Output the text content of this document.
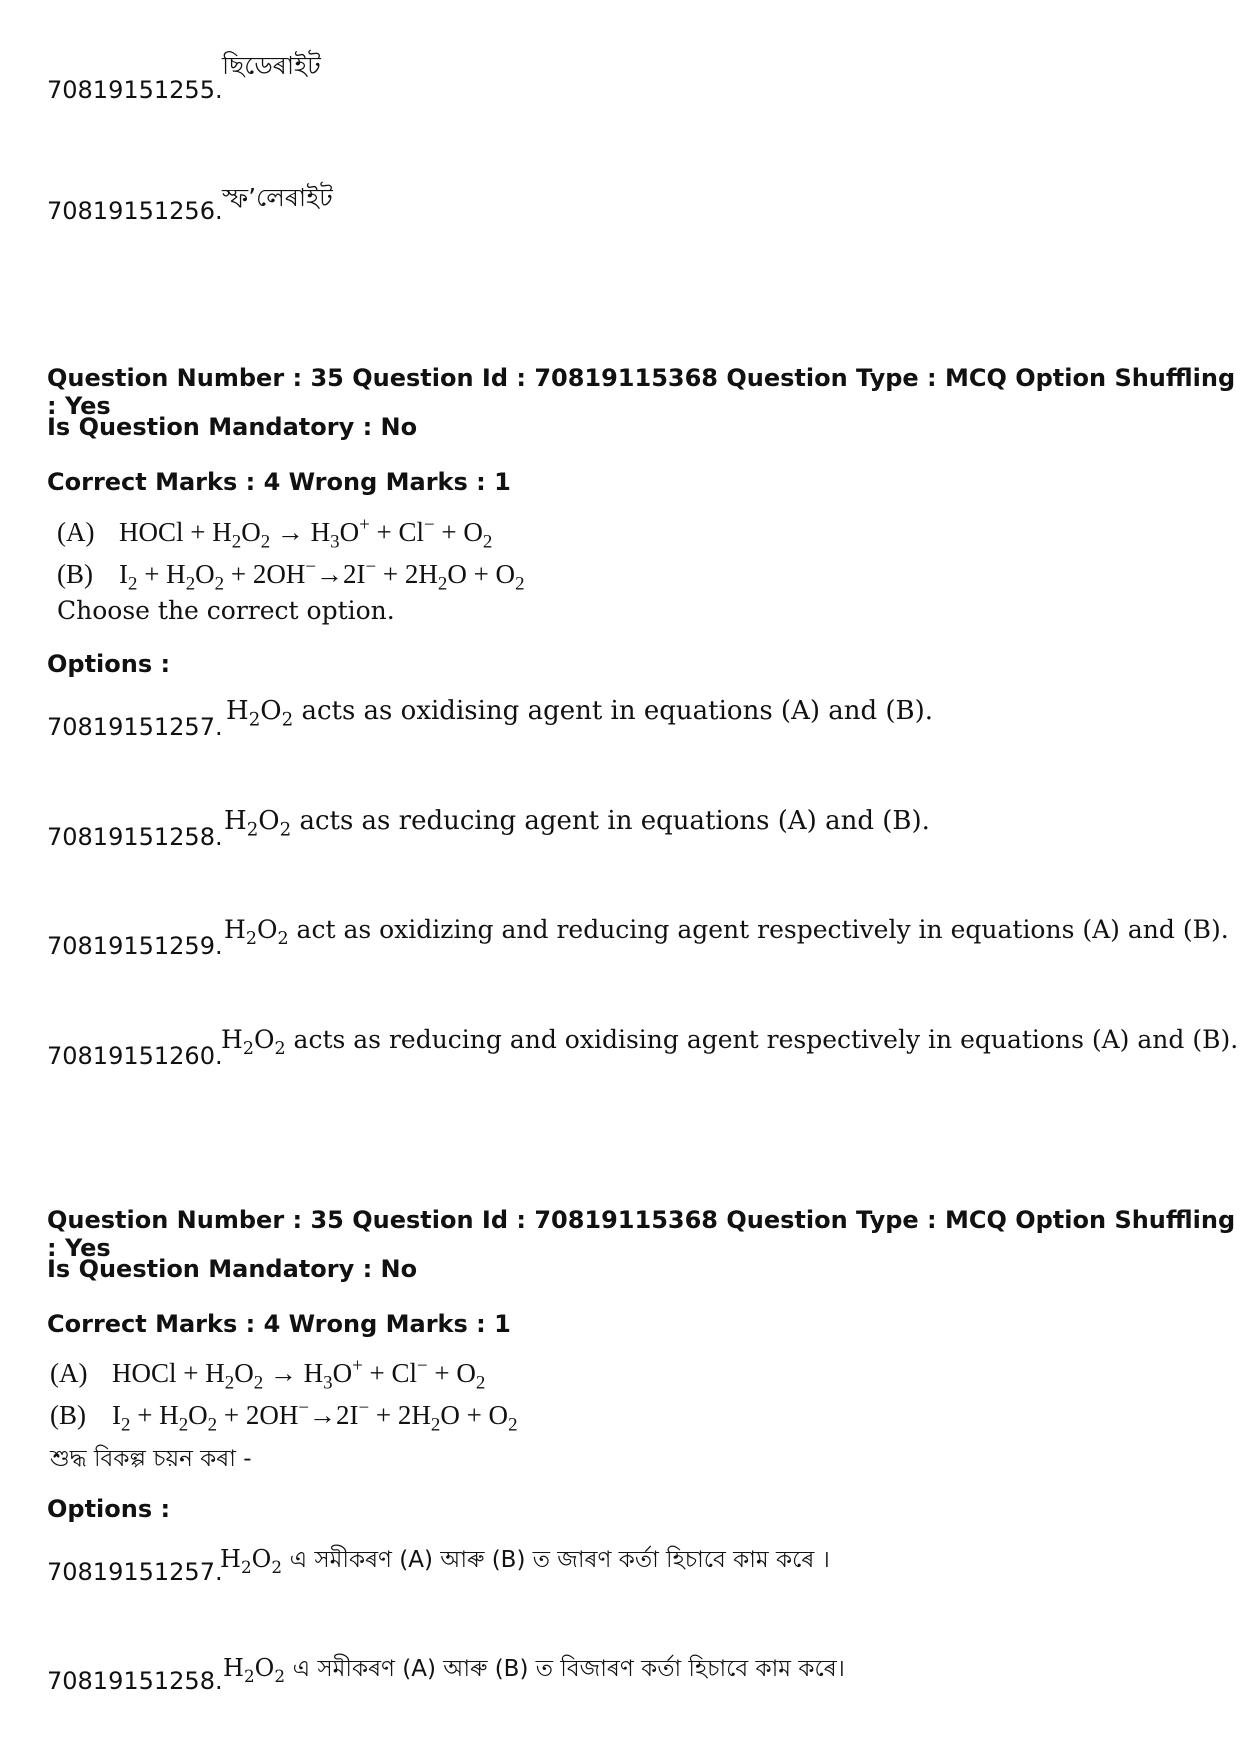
70819151255.
ছিডেৰাইট
70819151256. স্ফ’লেৰাইট
Question Number : 35 Question Id : 70819115368 Question Type : MCQ Option Shuffling : Yes
Is Question Mandatory : No
Correct Marks : 4 Wrong Marks : 1
(A) HOCl + $H_2O_2 \to H_3O^+ + Cl^- + O_2$
(B) $I_2 + H_2O_2 + 2OH^-\to 2I^- + 2H_2O + O_2$
Choose the correct option.
Options :
70819151257.
$H_2O_2$ acts as oxidising agent in equations (A) and (B).
70819151258.
$H_2O_2$ acts as reducing agent in equations (A) and (B).
70819151259.
$H_2O_2$ act as oxidizing and reducing agent respectively in equations (A) and (B).
70819151260.
$H_2O_2$ acts as reducing and oxidising agent respectively in equations (A) and (B).
Question Number : 35 Question Id : 70819115368 Question Type : MCQ Option Shuffling : Yes
Is Question Mandatory : No
Correct Marks : 4 Wrong Marks : 1
(A) HOCl + $H_2O_2 \to H_3O^+ + Cl^- + O_2$
(B) $I_2 + H_2O_2 + 2OH^-\to 2I^- + 2H_2O + O_2$
শুদ্ধ বিকল্প চয়ন কৰা -
Options :
70819151257.
$H_2O_2$ এ সমীকৰণ (A) আৰু (B) ত জাৰণ কৰ্তা হিচাবে কাম কৰে ।
70819151258. $H_2O_2$ এ সমীকৰণ (A) আৰু (B) ত বিজাৰণ কৰ্তা হিচাবে কাম কৰে।
